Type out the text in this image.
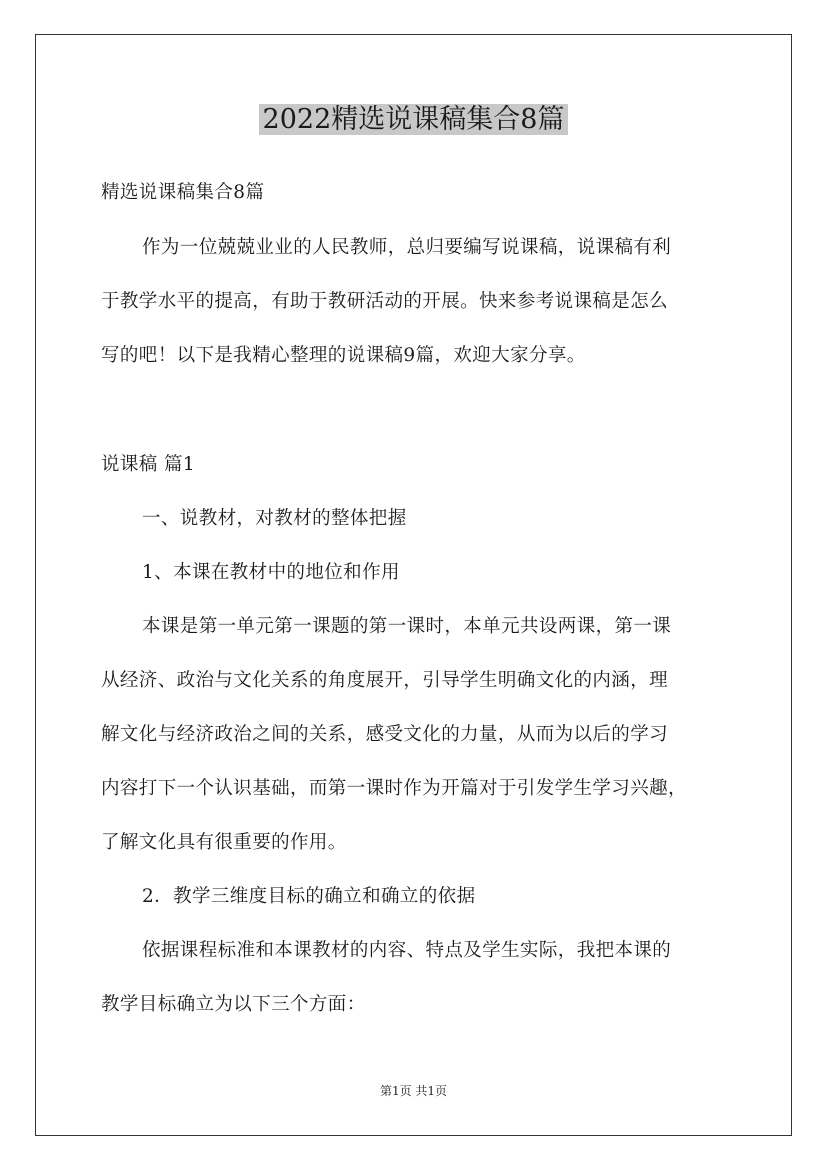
2022精选说课稿集合8篇
精选说课稿集合8篇
作为一位兢兢业业的人民教师，总归要编写说课稿，说课稿有利
于教学水平的提高，有助于教研活动的开展。快来参考说课稿是怎么
写的吧！以下是我精心整理的说课稿9篇，欢迎大家分享。
说课稿 篇1
一、说教材，对教材的整体把握
1、本课在教材中的地位和作用
本课是第一单元第一课题的第一课时，本单元共设两课，第一课
从经济、政治与文化关系的角度展开，引导学生明确文化的内涵，理
解文化与经济政治之间的关系，感受文化的力量，从而为以后的学习
内容打下一个认识基础，而第一课时作为开篇对于引发学生学习兴趣，
了解文化具有很重要的作用。
2．教学三维度目标的确立和确立的依据
依据课程标准和本课教材的内容、特点及学生实际，我把本课的
教学目标确立为以下三个方面：
第1页 共1页
